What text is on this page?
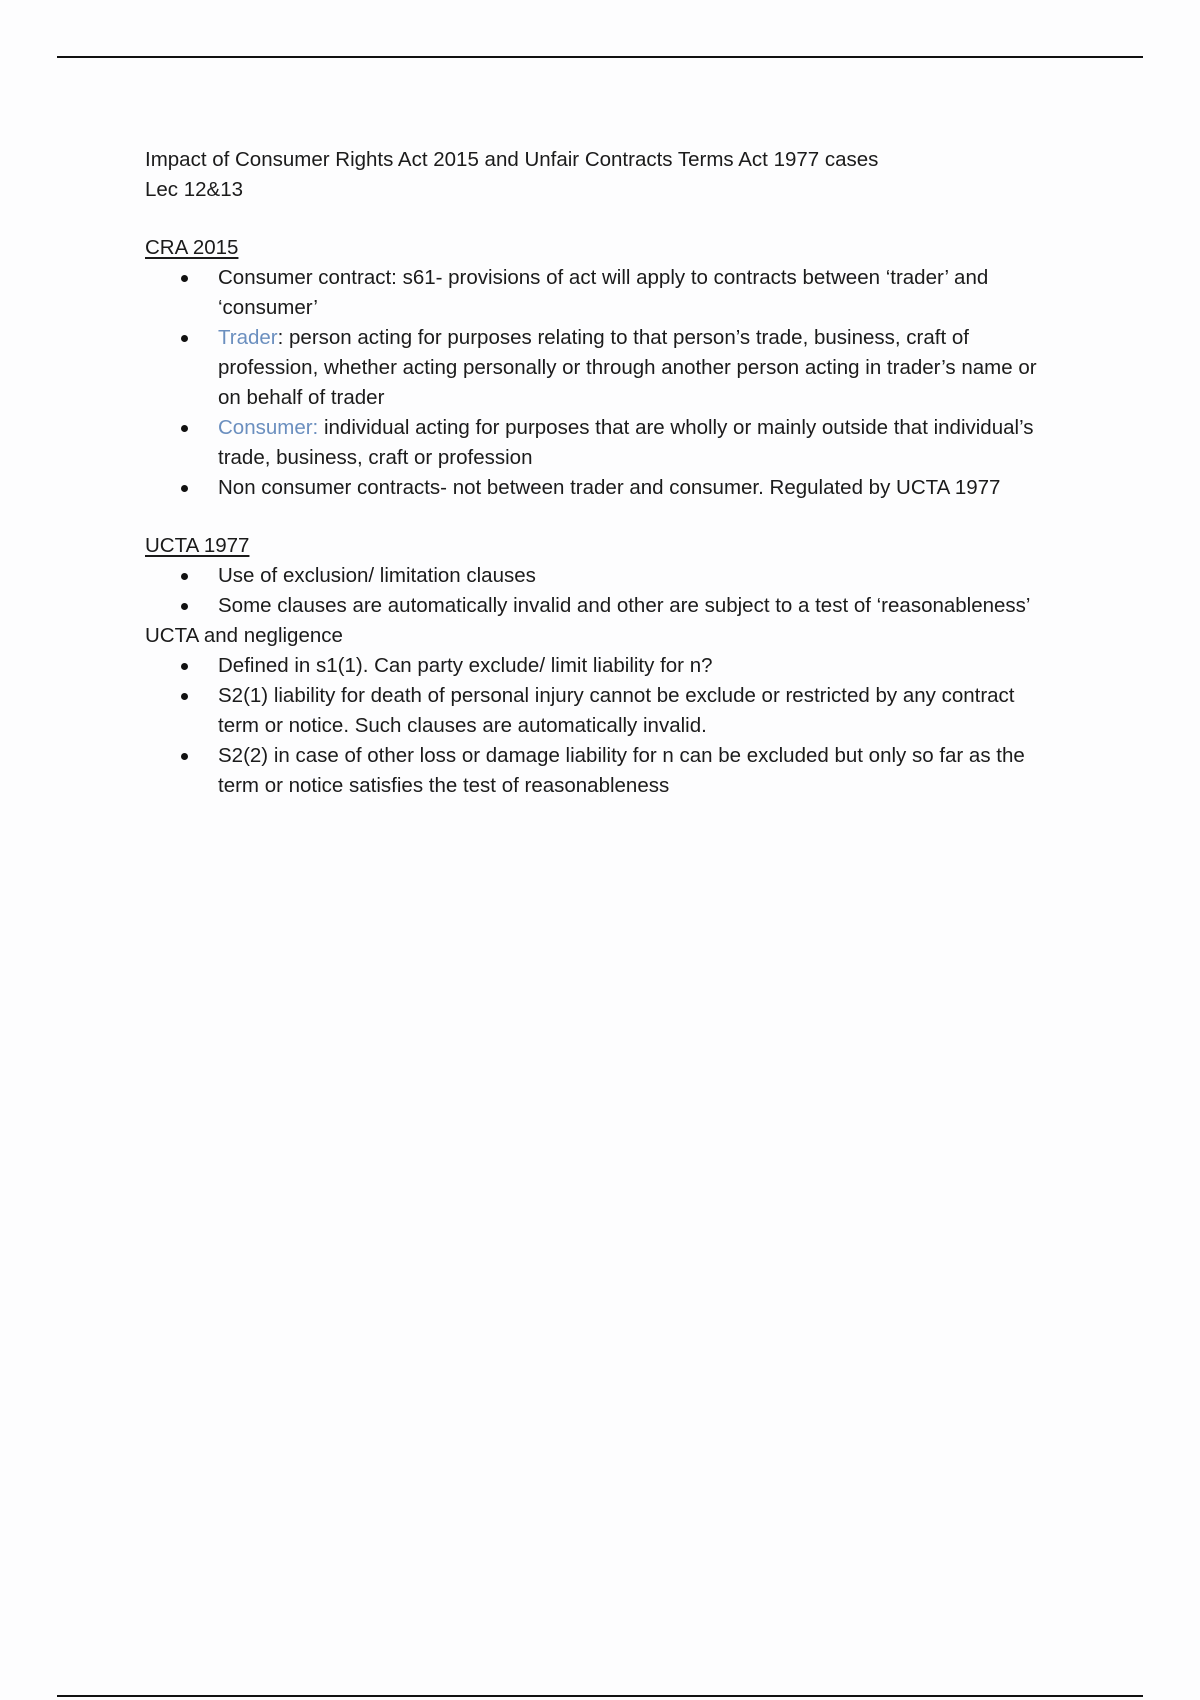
Impact of Consumer Rights Act 2015 and Unfair Contracts Terms Act 1977 cases

Lec 12&13

CRA 2015

Consumer contract: s61- provisions of act will apply to contracts between ‘trader’ and ‘consumer’
Trader: person acting for purposes relating to that person’s trade, business, craft of profession, whether acting personally or through another person acting in trader’s name or on behalf of trader
Consumer: individual acting for purposes that are wholly or mainly outside that individual’s trade, business, craft or profession
Non consumer contracts- not between trader and consumer. Regulated by UCTA 1977

UCTA 1977

Use of exclusion/ limitation clauses
Some clauses are automatically invalid and other are subject to a test of ‘reasonableness’

UCTA and negligence

Defined in s1(1). Can party exclude/ limit liability for n?
S2(1) liability for death of personal injury cannot be exclude or restricted by any contract term or notice. Such clauses are automatically invalid.
S2(2) in case of other loss or damage liability for n can be excluded but only so far as the term or notice satisfies the test of reasonableness
